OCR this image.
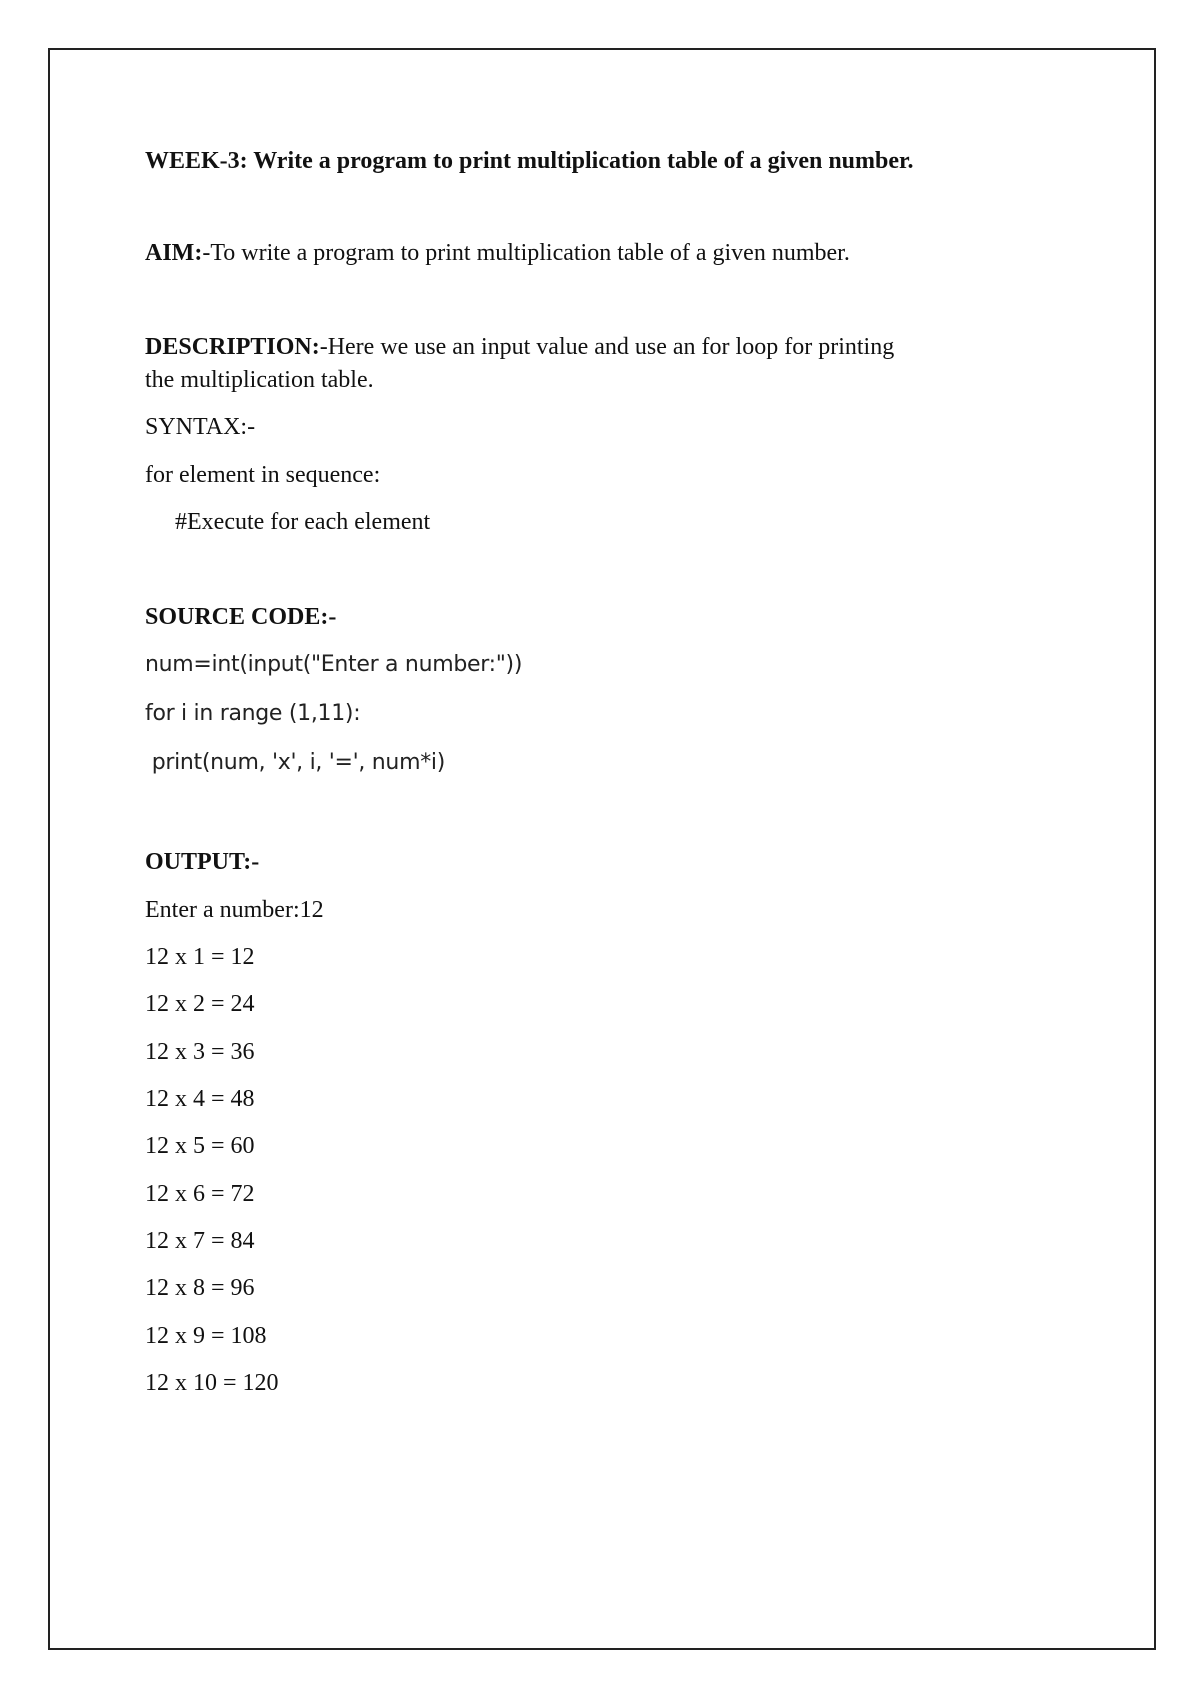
WEEK-3: Write a program to print multiplication table of a given number.
AIM:-To write a program to print multiplication table of a given number.
DESCRIPTION:-Here we use an input value and use an for loop for printing
the multiplication table.
SYNTAX:-
for element in sequence:
#Execute for each element
SOURCE CODE:-
num=int(input("Enter a number:"))
for i in range (1,11):
print(num, 'x', i, '=', num*i)
OUTPUT:-
Enter a number:12
12 x 1 = 12
12 x 2 = 24
12 x 3 = 36
12 x 4 = 48
12 x 5 = 60
12 x 6 = 72
12 x 7 = 84
12 x 8 = 96
12 x 9 = 108
12 x 10 = 120
